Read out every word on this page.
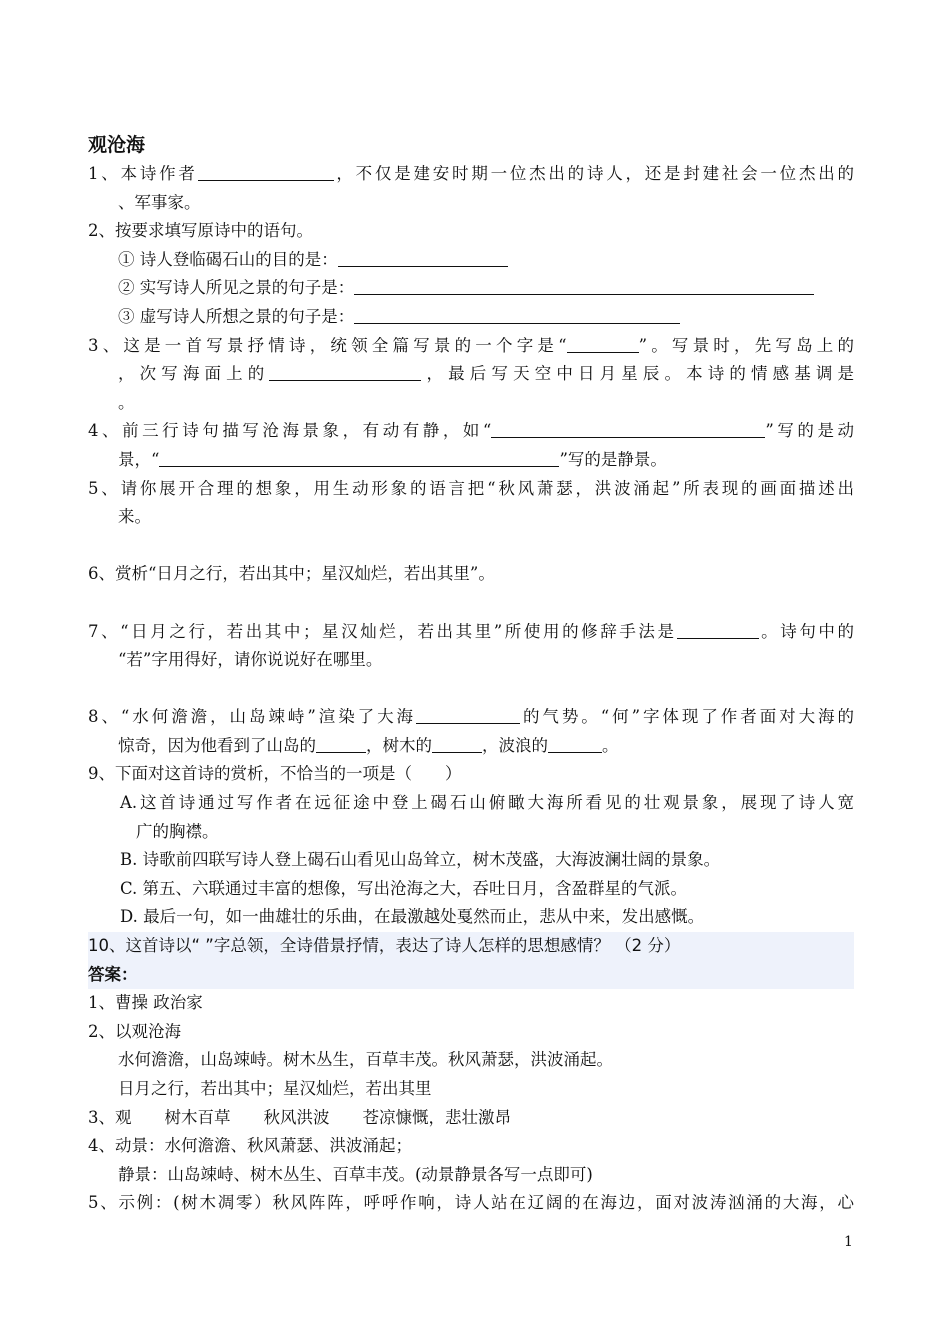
观沧海
1、本诗作者	，不仅是建安时期一位杰出的诗人，还是封建社会一位杰出的
、军事家。
2、按要求填写原诗中的语句。
① 诗人登临碣石山的目的是：
② 实写诗人所见之景的句子是：
③ 虚写诗人所想之景的句子是：
3、这是一首写景抒情诗，统领全篇写景的一个字是“	”。写景时，先写岛上的
，次写海面上的	，最后写天空中日月星辰。本诗的情感基调是
。
4、前三行诗句描写沧海景象，有动有静，如“	”写的是动
景，“	”写的是静景。
5、请你展开合理的想象，用生动形象的语言把“秋风萧瑟，洪波涌起”所表现的画面描述出
来。
6、赏析“日月之行，若出其中；星汉灿烂，若出其里”。
7、“日月之行，若出其中；星汉灿烂，若出其里”所使用的修辞手法是	。诗句中的
“若”字用得好，请你说说好在哪里。
8、“水何澹澹，山岛竦峙”渲染了大海	的气势。“何”字体现了作者面对大海的
惊奇，因为他看到了山岛的	，树木的	，波浪的	。
9、下面对这首诗的赏析，不恰当的一项是（　　）
A.这首诗通过写作者在远征途中登上碣石山俯瞰大海所看见的壮观景象，展现了诗人宽
广的胸襟。
B. 诗歌前四联写诗人登上碣石山看见山岛耸立，树木茂盛，大海波澜壮阔的景象。
C. 第五、六联通过丰富的想像，写出沧海之大，吞吐日月，含盈群星的气派。
D. 最后一句，如一曲雄壮的乐曲，在最激越处戛然而止，悲从中来，发出感慨。
10、这首诗以“ ”字总领，全诗借景抒情，表达了诗人怎样的思想感情？ （2 分）
答案：
1、曹操 政治家
2、以观沧海
水何澹澹，山岛竦峙。树木丛生，百草丰茂。秋风萧瑟，洪波涌起。
日月之行，若出其中；星汉灿烂，若出其里
3、观　　树木百草　　秋风洪波　　苍凉慷慨，悲壮激昂
4、动景：水何澹澹、秋风萧瑟、洪波涌起；
静景：山岛竦峙、树木丛生、百草丰茂。(动景静景各写一点即可)
5、示例：(树木凋零）秋风阵阵，呼呼作响，诗人站在辽阔的在海边，面对波涛汹涌的大海，心
1
